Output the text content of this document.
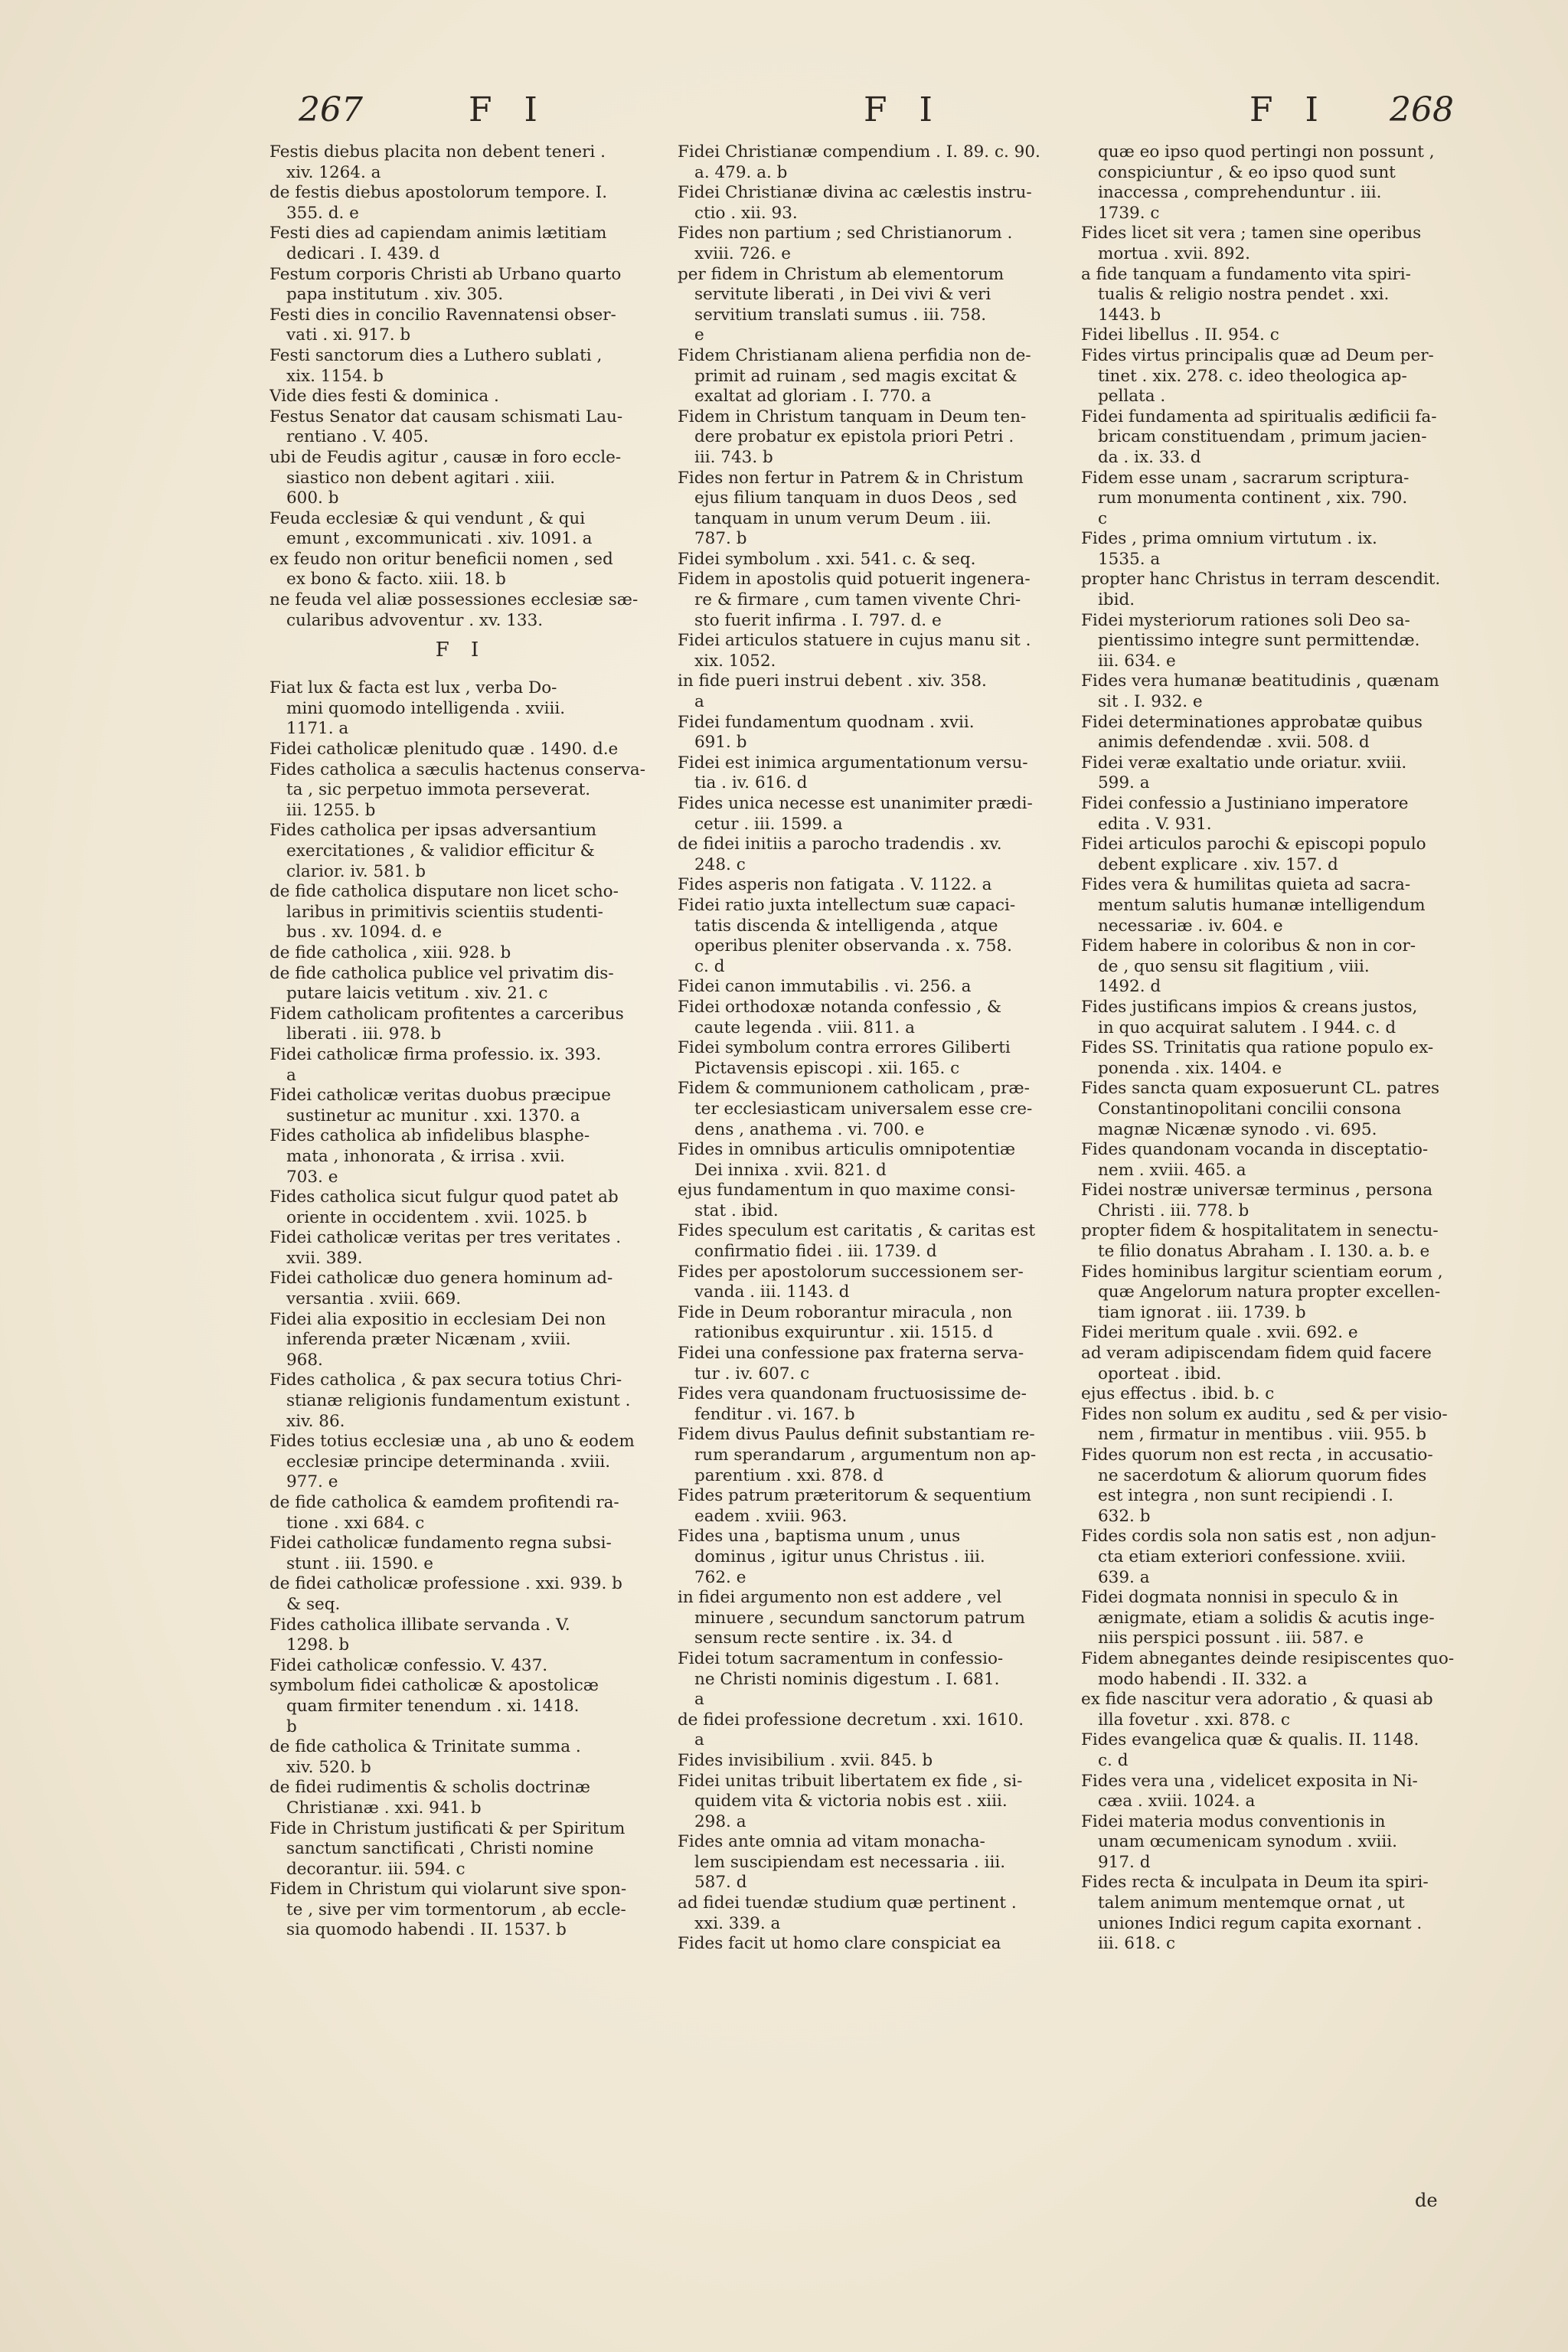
267	F I	F I	F I 268
Festis diebus placita non debent teneri .
xiv. 1264. a
de festis diebus apostolorum tempore. I.
355. d. e
Festi dies ad capiendam animis lætitiam
dedicari . I. 439. d
Festum corporis Christi ab Urbano quarto
papa institutum . xiv. 305.
Festi dies in concilio Ravennatensi obser-
vati . xi. 917. b
Festi sanctorum dies a Luthero sublati ,
xix. 1154. b
Vide dies festi & dominica .
Festus Senator dat causam schismati Lau-
rentiano . V. 405.
ubi de Feudis agitur , causæ in foro eccle-
siastico non debent agitari . xiii.
600. b
Feuda ecclesiæ & qui vendunt , & qui
emunt , excommunicati . xiv. 1091. a
ex feudo non oritur beneficii nomen , sed
ex bono & facto. xiii. 18. b
ne feuda vel aliæ possessiones ecclesiæ sæ-
cularibus advoventur . xv. 133.
F I
Fiat lux & facta est lux , verba Do-
mini quomodo intelligenda . xviii.
1171. a
Fidei catholicæ plenitudo quæ . 1490. d.e
Fides catholica a sæculis hactenus conserva-
ta , sic perpetuo immota perseverat.
iii. 1255. b
Fides catholica per ipsas adversantium
exercitationes , & validior efficitur &
clarior. iv. 581. b
de fide catholica disputare non licet scho-
laribus in primitivis scientiis studenti-
bus . xv. 1094. d. e
de fide catholica , xiii. 928. b
de fide catholica publice vel privatim dis-
putare laicis vetitum . xiv. 21. c
Fidem catholicam profitentes a carceribus
liberati . iii. 978. b
Fidei catholicæ firma professio. ix. 393.
a
Fidei catholicæ veritas duobus præcipue
sustinetur ac munitur . xxi. 1370. a
Fides catholica ab infidelibus blasphe-
mata , inhonorata , & irrisa . xvii.
703. e
Fides catholica sicut fulgur quod patet ab
oriente in occidentem . xvii. 1025. b
Fidei catholicæ veritas per tres veritates .
xvii. 389.
Fidei catholicæ duo genera hominum ad-
versantia . xviii. 669.
Fidei alia expositio in ecclesiam Dei non
inferenda præter Nicænam , xviii.
968.
Fides catholica , & pax secura totius Chri-
stianæ religionis fundamentum existunt .
xiv. 86.
Fides totius ecclesiæ una , ab uno & eodem
ecclesiæ principe determinanda . xviii.
977. e
de fide catholica & eamdem profitendi ra-
tione . xxi 684. c
Fidei catholicæ fundamento regna subsi-
stunt . iii. 1590. e
de fidei catholicæ professione . xxi. 939. b
& seq.
Fides catholica illibate servanda . V.
1298. b
Fidei catholicæ confessio. V. 437.
symbolum fidei catholicæ & apostolicæ
quam firmiter tenendum . xi. 1418.
b
de fide catholica & Trinitate summa .
xiv. 520. b
de fidei rudimentis & scholis doctrinæ
Christianæ . xxi. 941. b
Fide in Christum justificati & per Spiritum
sanctum sanctificati , Christi nomine
decorantur. iii. 594. c
Fidem in Christum qui violarunt sive spon-
te , sive per vim tormentorum , ab eccle-
sia quomodo habendi . II. 1537. b
Fidei Christianæ compendium . I. 89. c. 90.
a. 479. a. b
Fidei Christianæ divina ac cælestis instru-
ctio . xii. 93.
Fides non partium ; sed Christianorum .
xviii. 726. e
per fidem in Christum ab elementorum
servitute liberati , in Dei vivi & veri
servitium translati sumus . iii. 758.
e
Fidem Christianam aliena perfidia non de-
primit ad ruinam , sed magis excitat &
exaltat ad gloriam . I. 770. a
Fidem in Christum tanquam in Deum ten-
dere probatur ex epistola priori Petri .
iii. 743. b
Fides non fertur in Patrem & in Christum
ejus filium tanquam in duos Deos , sed
tanquam in unum verum Deum . iii.
787. b
Fidei symbolum . xxi. 541. c. & seq.
Fidem in apostolis quid potuerit ingenera-
re & firmare , cum tamen vivente Chri-
sto fuerit infirma . I. 797. d. e
Fidei articulos statuere in cujus manu sit .
xix. 1052.
in fide pueri instrui debent . xiv. 358.
a
Fidei fundamentum quodnam . xvii.
691. b
Fidei est inimica argumentationum versu-
tia . iv. 616. d
Fides unica necesse est unanimiter prædi-
cetur . iii. 1599. a
de fidei initiis a parocho tradendis . xv.
248. c
Fides asperis non fatigata . V. 1122. a
Fidei ratio juxta intellectum suæ capaci-
tatis discenda & intelligenda , atque
operibus pleniter observanda . x. 758.
c. d
Fidei canon immutabilis . vi. 256. a
Fidei orthodoxæ notanda confessio , &
caute legenda . viii. 811. a
Fidei symbolum contra errores Giliberti
Pictavensis episcopi . xii. 165. c
Fidem & communionem catholicam , præ-
ter ecclesiasticam universalem esse cre-
dens , anathema . vi. 700. e
Fides in omnibus articulis omnipotentiæ
Dei innixa . xvii. 821. d
ejus fundamentum in quo maxime consi-
stat . ibid.
Fides speculum est caritatis , & caritas est
confirmatio fidei . iii. 1739. d
Fides per apostolorum successionem ser-
vanda . iii. 1143. d
Fide in Deum roborantur miracula , non
rationibus exquiruntur . xii. 1515. d
Fidei una confessione pax fraterna serva-
tur . iv. 607. c
Fides vera quandonam fructuosissime de-
fenditur . vi. 167. b
Fidem divus Paulus definit substantiam re-
rum sperandarum , argumentum non ap-
parentium . xxi. 878. d
Fides patrum præteritorum & sequentium
eadem . xviii. 963.
Fides una , baptisma unum , unus
dominus , igitur unus Christus . iii.
762. e
in fidei argumento non est addere , vel
minuere , secundum sanctorum patrum
sensum recte sentire . ix. 34. d
Fidei totum sacramentum in confessio-
ne Christi nominis digestum . I. 681.
a
de fidei professione decretum . xxi. 1610.
a
Fides invisibilium . xvii. 845. b
Fidei unitas tribuit libertatem ex fide , si-
quidem vita & victoria nobis est . xiii.
298. a
Fides ante omnia ad vitam monacha-
lem suscipiendam est necessaria . iii.
587. d
ad fidei tuendæ studium quæ pertinent .
xxi. 339. a
Fides facit ut homo clare conspiciat ea
quæ eo ipso quod pertingi non possunt ,
conspiciuntur , & eo ipso quod sunt
inaccessa , comprehenduntur . iii.
1739. c
Fides licet sit vera ; tamen sine operibus
mortua . xvii. 892.
a fide tanquam a fundamento vita spiri-
tualis & religio nostra pendet . xxi.
1443. b
Fidei libellus . II. 954. c
Fides virtus principalis quæ ad Deum per-
tinet . xix. 278. c. ideo theologica ap-
pellata .
Fidei fundamenta ad spiritualis ædificii fa-
bricam constituendam , primum jacien-
da . ix. 33. d
Fidem esse unam , sacrarum scriptura-
rum monumenta continent , xix. 790.
c
Fides , prima omnium virtutum . ix.
1535. a
propter hanc Christus in terram descendit.
ibid.
Fidei mysteriorum rationes soli Deo sa-
pientissimo integre sunt permittendæ.
iii. 634. e
Fides vera humanæ beatitudinis , quænam
sit . I. 932. e
Fidei determinationes approbatæ quibus
animis defendendæ . xvii. 508. d
Fidei veræ exaltatio unde oriatur. xviii.
599. a
Fidei confessio a Justiniano imperatore
edita . V. 931.
Fidei articulos parochi & episcopi populo
debent explicare . xiv. 157. d
Fides vera & humilitas quieta ad sacra-
mentum salutis humanæ intelligendum
necessariæ . iv. 604. e
Fidem habere in coloribus & non in cor-
de , quo sensu sit flagitium , viii.
1492. d
Fides justificans impios & creans justos,
in quo acquirat salutem . I 944. c. d
Fides SS. Trinitatis qua ratione populo ex-
ponenda . xix. 1404. e
Fides sancta quam exposuerunt CL. patres
Constantinopolitani concilii consona
magnæ Nicænæ synodo . vi. 695.
Fides quandonam vocanda in disceptatio-
nem . xviii. 465. a
Fidei nostræ universæ terminus , persona
Christi . iii. 778. b
propter fidem & hospitalitatem in senectu-
te filio donatus Abraham . I. 130. a. b. e
Fides hominibus largitur scientiam eorum ,
quæ Angelorum natura propter excellen-
tiam ignorat . iii. 1739. b
Fidei meritum quale . xvii. 692. e
ad veram adipiscendam fidem quid facere
oporteat . ibid.
ejus effectus . ibid. b. c
Fides non solum ex auditu , sed & per visio-
nem , firmatur in mentibus . viii. 955. b
Fides quorum non est recta , in accusatio-
ne sacerdotum & aliorum quorum fides
est integra , non sunt recipiendi . I.
632. b
Fides cordis sola non satis est , non adjun-
cta etiam exteriori confessione. xviii.
639. a
Fidei dogmata nonnisi in speculo & in
ænigmate, etiam a solidis & acutis inge-
niis perspici possunt . iii. 587. e
Fidem abnegantes deinde resipiscentes quo-
modo habendi . II. 332. a
ex fide nascitur vera adoratio , & quasi ab
illa fovetur . xxi. 878. c
Fides evangelica quæ & qualis. II. 1148.
c. d
Fides vera una , videlicet exposita in Ni-
cæa . xviii. 1024. a
Fidei materia modus conventionis in
unam œcumenicam synodum . xviii.
917. d
Fides recta & inculpata in Deum ita spiri-
talem animum mentemque ornat , ut
uniones Indici regum capita exornant .
iii. 618. c
de
